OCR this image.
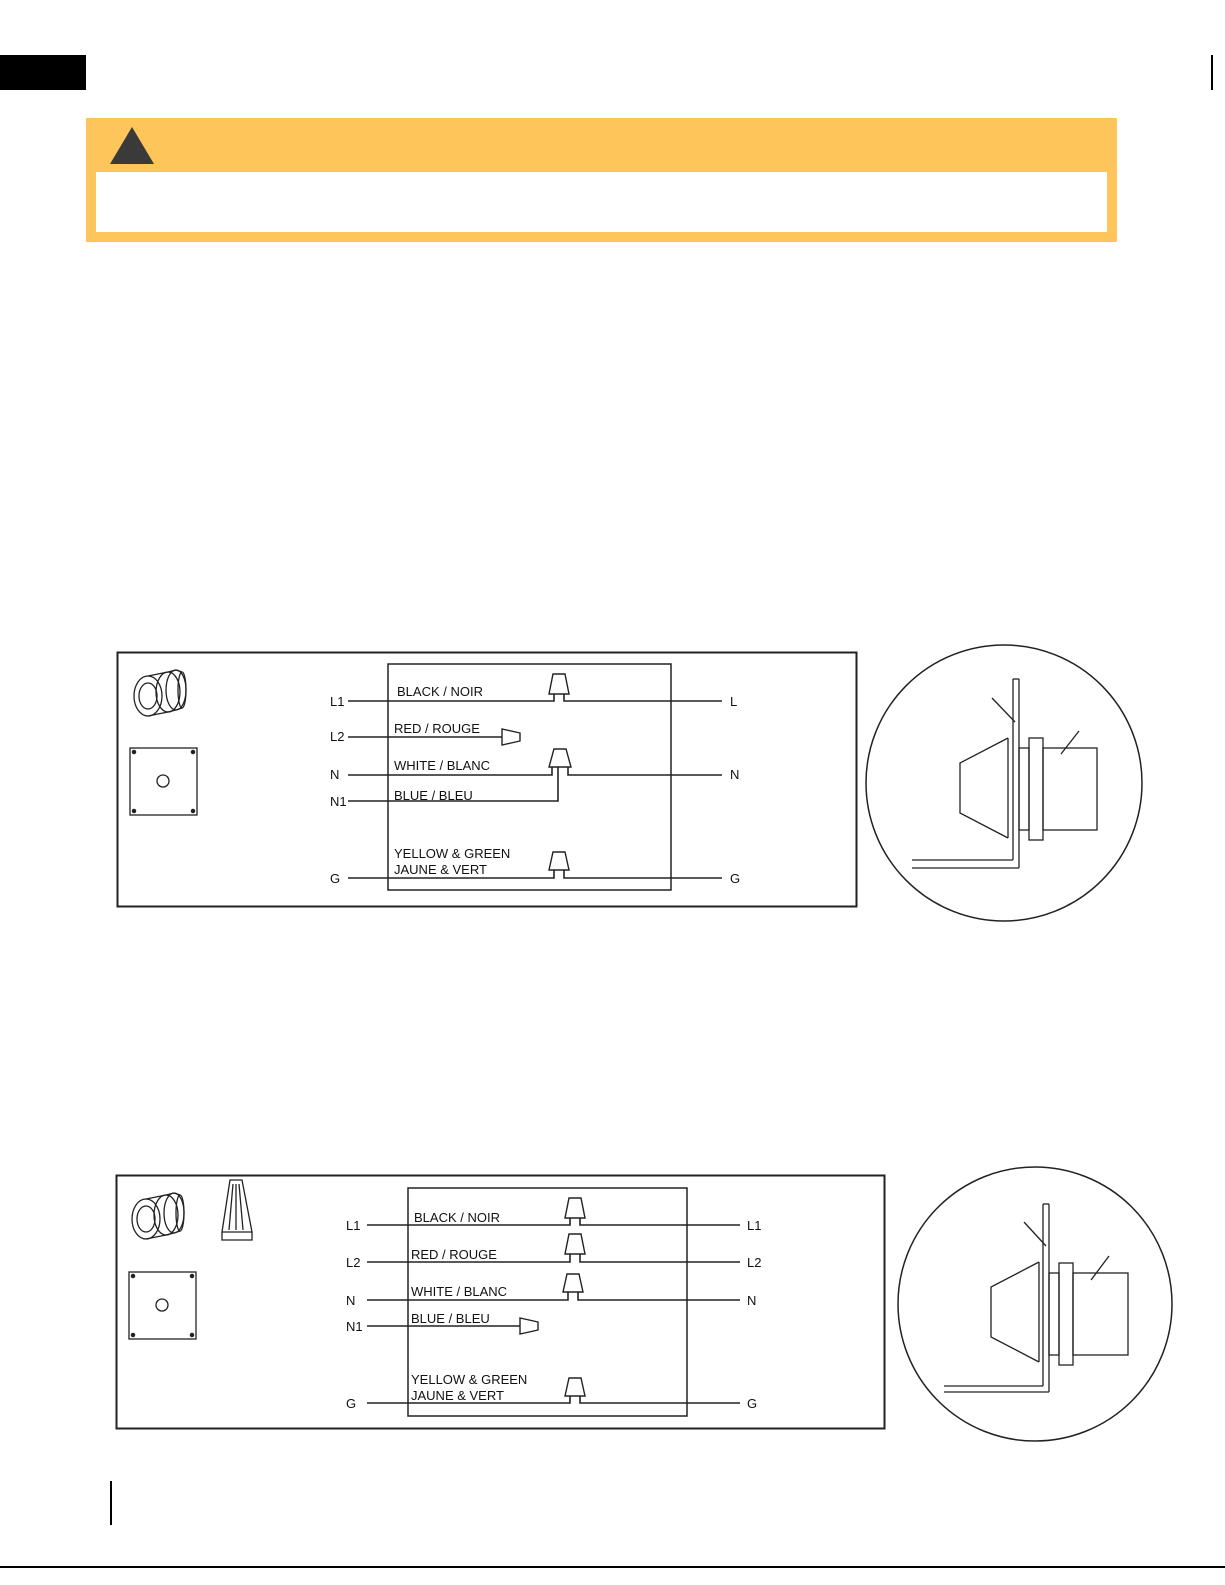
BLACK / NOIR
RED / ROUGE
WHITE / BLANC
BLUE / BLEU
YELLOW & GREEN
JAUNE & VERT
L1
L2
N
N1
G
L
N
G
BLACK / NOIR
RED / ROUGE
WHITE / BLANC
BLUE / BLEU
YELLOW & GREEN
JAUNE & VERT
L1
L2
N
N1
G
L1
L2
N
G
